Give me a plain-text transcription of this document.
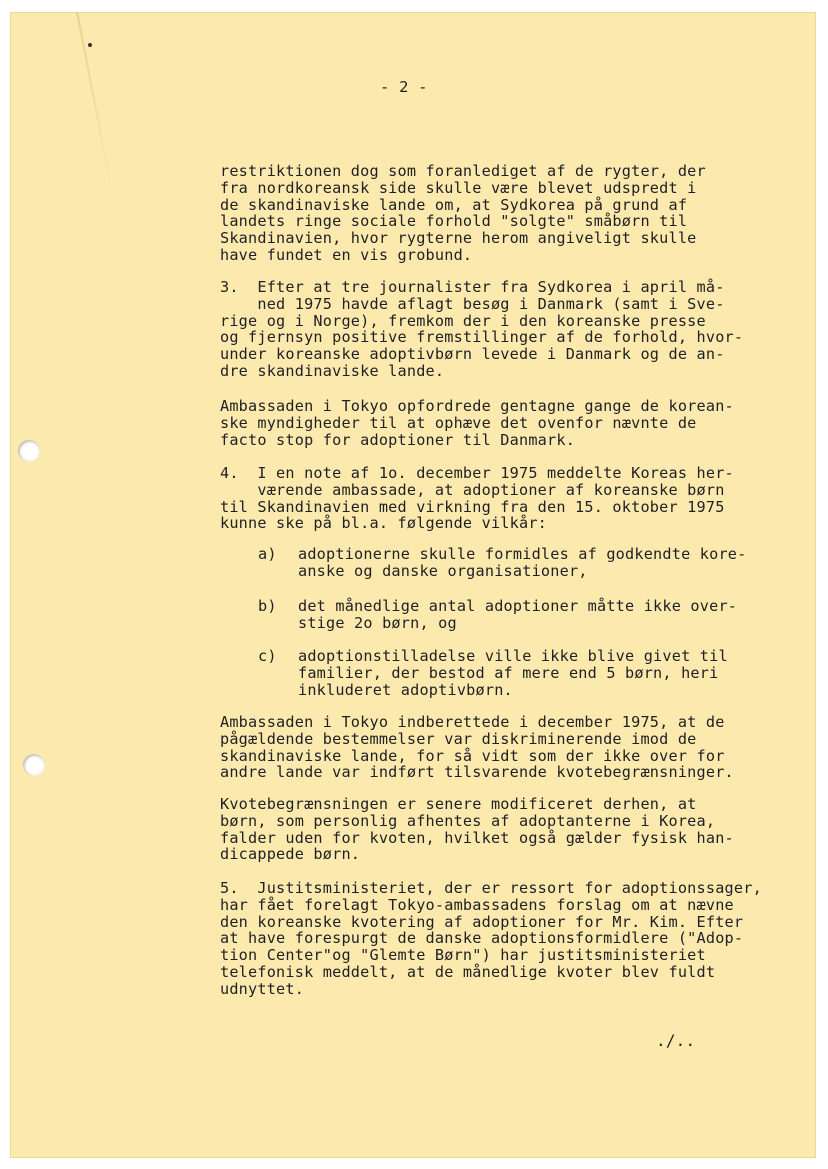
- 2 -
restriktionen dog som foranlediget af de rygter, der
fra nordkoreansk side skulle være blevet udspredt i
de skandinaviske lande om, at Sydkorea på grund af
landets ringe sociale forhold "solgte" småbørn til
Skandinavien, hvor rygterne herom angiveligt skulle
have fundet en vis grobund.
3.  Efter at tre journalister fra Sydkorea i april må-
ned 1975 havde aflagt besøg i Danmark (samt i Sve-
rige og i Norge), fremkom der i den koreanske presse
og fjernsyn positive fremstillinger af de forhold, hvor-
under koreanske adoptivbørn levede i Danmark og de an-
dre skandinaviske lande.
Ambassaden i Tokyo opfordrede gentagne gange de korean-
ske myndigheder til at ophæve det ovenfor nævnte de
facto stop for adoptioner til Danmark.
4.  I en note af 1o. december 1975 meddelte Koreas her-
værende ambassade, at adoptioner af koreanske børn
til Skandinavien med virkning fra den 15. oktober 1975
kunne ske på bl.a. følgende vilkår:
a) adoptionerne skulle formidles af godkendte kore-
anske og danske organisationer,
b) det månedlige antal adoptioner måtte ikke over-
stige 2o børn, og
c) adoptionstilladelse ville ikke blive givet til
familier, der bestod af mere end 5 børn, heri
inkluderet adoptivbørn.
Ambassaden i Tokyo indberettede i december 1975, at de
pågældende bestemmelser var diskriminerende imod de
skandinaviske lande, for så vidt som der ikke over for
andre lande var indført tilsvarende kvotebegrænsninger.
Kvotebegrænsningen er senere modificeret derhen, at
børn, som personlig afhentes af adoptanterne i Korea,
falder uden for kvoten, hvilket også gælder fysisk han-
dicappede børn.
5.  Justitsministeriet, der er ressort for adoptionssager,
har fået forelagt Tokyo-ambassadens forslag om at nævne
den koreanske kvotering af adoptioner for Mr. Kim. Efter
at have forespurgt de danske adoptionsformidlere ("Adop-
tion Center"og "Glemte Børn") har justitsministeriet
telefonisk meddelt, at de månedlige kvoter blev fuldt
udnyttet.
./..
